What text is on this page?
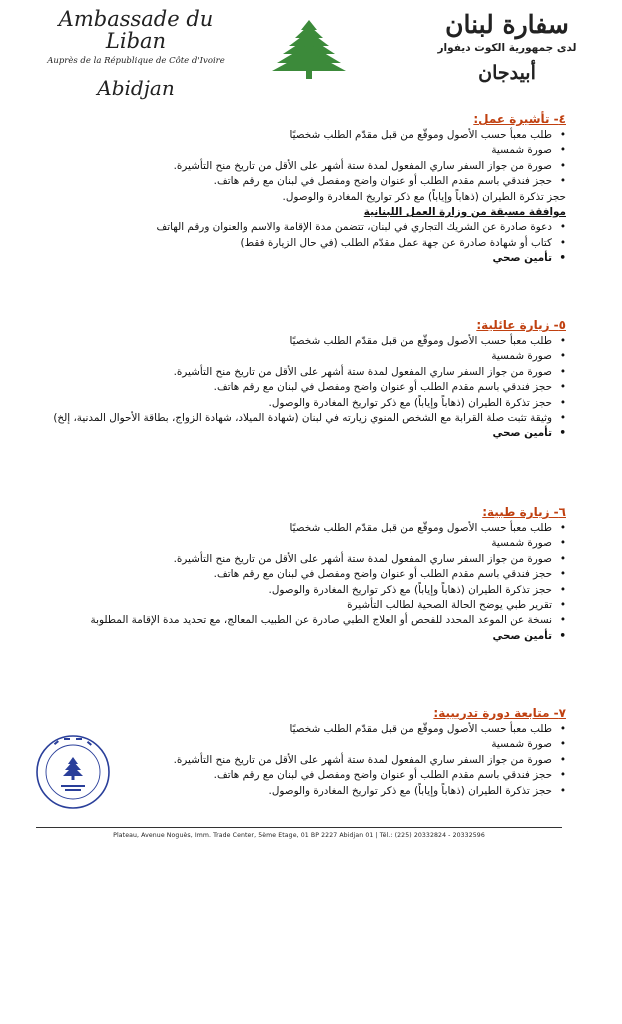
Ambassade du Liban
Auprès de la République de Côte d'Ivoire
Abidjan
سفارة لبنان
لدى جمهورية الكوت ديفوار
أبيدجان
٤- تأشيرة عمل:
• طلب معبأ حسب الأصول وموقّع من قبل مقدّم الطلب شخصيًا
• صورة شمسية
• صورة من جواز السفر ساري المفعول لمدة ستة أشهر على الأقل من تاريخ منح التأشيرة.
• حجز فندقي باسم مقدم الطلب أو عنوان واضح ومفصل في لبنان مع رقم هاتف.
حجز تذكرة الطيران (ذهاباً وإياباً) مع ذكر تواريخ المغادرة والوصول.
موافقة مسبقة من وزارة العمل اللبنانية
• دعوة صادرة عن الشريك التجاري في لبنان، تتضمن مدة الإقامة والاسم والعنوان ورقم الهاتف
• كتاب أو شهادة صادرة عن جهة عمل مقدّم الطلب (في حال الزيارة فقط)
• تأمين صحي
٥- زيارة عائلية:
• طلب معبأ حسب الأصول وموقّع من قبل مقدّم الطلب شخصيًا
• صورة شمسية
• صورة من جواز السفر ساري المفعول لمدة ستة أشهر على الأقل من تاريخ منح التأشيرة.
• حجز فندقي باسم مقدم الطلب أو عنوان واضح ومفصل في لبنان مع رقم هاتف.
• حجز تذكرة الطيران (ذهاباً وإياباً) مع ذكر تواريخ المغادرة والوصول.
• وثيقة تثبت صلة القرابة مع الشخص المنوي زيارته في لبنان (شهادة الميلاد، شهادة الزواج، بطاقة الأحوال المدنية، إلخ)
• تأمين صحي
٦- زيارة طبية:
• طلب معبأ حسب الأصول وموقّع من قبل مقدّم الطلب شخصيًا
• صورة شمسية
• صورة من جواز السفر ساري المفعول لمدة ستة أشهر على الأقل من تاريخ منح التأشيرة.
• حجز فندقي باسم مقدم الطلب أو عنوان واضح ومفصل في لبنان مع رقم هاتف.
• حجز تذكرة الطيران (ذهاباً وإياباً) مع ذكر تواريخ المغادرة والوصول.
• تقرير طبي يوضح الحالة الصحية لطالب التأشيرة
• نسخة عن الموعد المحدد للفحص أو العلاج الطبي صادرة عن الطبيب المعالج، مع تحديد مدة الإقامة المطلوبة
• تأمين صحي
٧- متابعة دورة تدريبية:
• طلب معبأ حسب الأصول وموقّع من قبل مقدّم الطلب شخصيًا
• صورة شمسية
• صورة من جواز السفر ساري المفعول لمدة ستة أشهر على الأقل من تاريخ منح التأشيرة.
• حجز فندقي باسم مقدم الطلب أو عنوان واضح ومفصل في لبنان مع رقم هاتف.
• حجز تذكرة الطيران (ذهاباً وإياباً) مع ذكر تواريخ المغادرة والوصول.
Plateau, Avenue Noguès, Imm. Trade Center, 5ème Etage, 01 BP 2227 Abidjan 01 | Tél.: (225) 20332824 - 20332596
